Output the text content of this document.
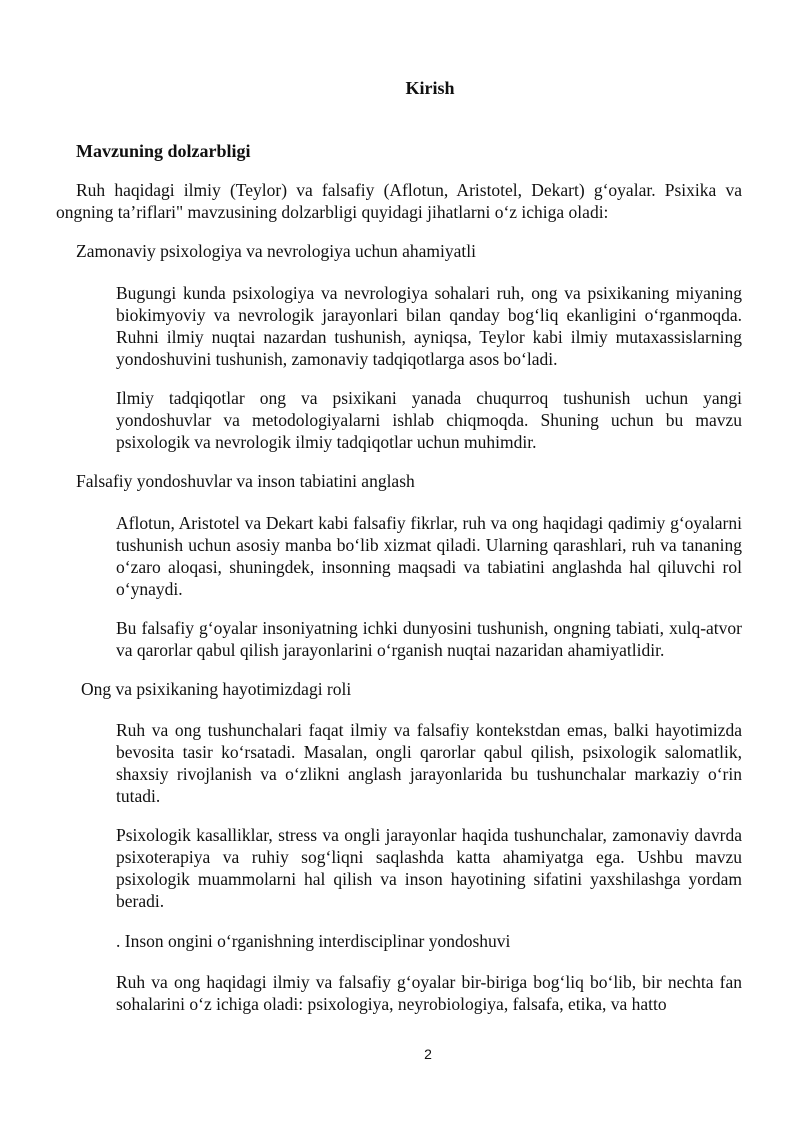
Kirish
Mavzuning dolzarbligi

Ruh haqidagi ilmiy (Teylor) va falsafiy (Aflotun, Aristotel, Dekart) g‘oyalar. Psixika va ongning ta’riflari" mavzusining dolzarbligi quyidagi jihatlarni o‘z ichiga oladi:

Zamonaviy psixologiya va nevrologiya uchun ahamiyatli

Bugungi kunda psixologiya va nevrologiya sohalari ruh, ong va psixikaning miyaning biokimyoviy va nevrologik jarayonlari bilan qanday bog‘liq ekanligini o‘rganmoqda. Ruhni ilmiy nuqtai nazardan tushunish, ayniqsa, Teylor kabi ilmiy mutaxassislarning yondoshuvini tushunish, zamonaviy tadqiqotlarga asos bo‘ladi.

Ilmiy tadqiqotlar ong va psixikani yanada chuqurroq tushunish uchun yangi yondoshuvlar va metodologiyalarni ishlab chiqmoqda. Shuning uchun bu mavzu psixologik va nevrologik ilmiy tadqiqotlar uchun muhimdir.

Falsafiy yondoshuvlar va inson tabiatini anglash

Aflotun, Aristotel va Dekart kabi falsafiy fikrlar, ruh va ong haqidagi qadimiy g‘oyalarni tushunish uchun asosiy manba bo‘lib xizmat qiladi. Ularning qarashlari, ruh va tananing o‘zaro aloqasi, shuningdek, insonning maqsadi va tabiatini anglashda hal qiluvchi rol o‘ynaydi.

Bu falsafiy g‘oyalar insoniyatning ichki dunyosini tushunish, ongning tabiati, xulq-atvor va qarorlar qabul qilish jarayonlarini o‘rganish nuqtai nazaridan ahamiyatlidir.

Ong va psixikaning hayotimizdagi roli

Ruh va ong tushunchalari faqat ilmiy va falsafiy kontekstdan emas, balki hayotimizda bevosita tasir ko‘rsatadi. Masalan, ongli qarorlar qabul qilish, psixologik salomatlik, shaxsiy rivojlanish va o‘zlikni anglash jarayonlarida bu tushunchalar markaziy o‘rin tutadi.

Psixologik kasalliklar, stress va ongli jarayonlar haqida tushunchalar, zamonaviy davrda psixoterapiya va ruhiy sog‘liqni saqlashda katta ahamiyatga ega. Ushbu mavzu psixologik muammolarni hal qilish va inson hayotining sifatini yaxshilashga yordam beradi.

. Inson ongini o‘rganishning interdisciplinar yondoshuvi

Ruh va ong haqidagi ilmiy va falsafiy g‘oyalar bir-biriga bog‘liq bo‘lib, bir nechta fan sohalarini o‘z ichiga oladi: psixologiya, neyrobiologiya, falsafa, etika, va hatto

2
